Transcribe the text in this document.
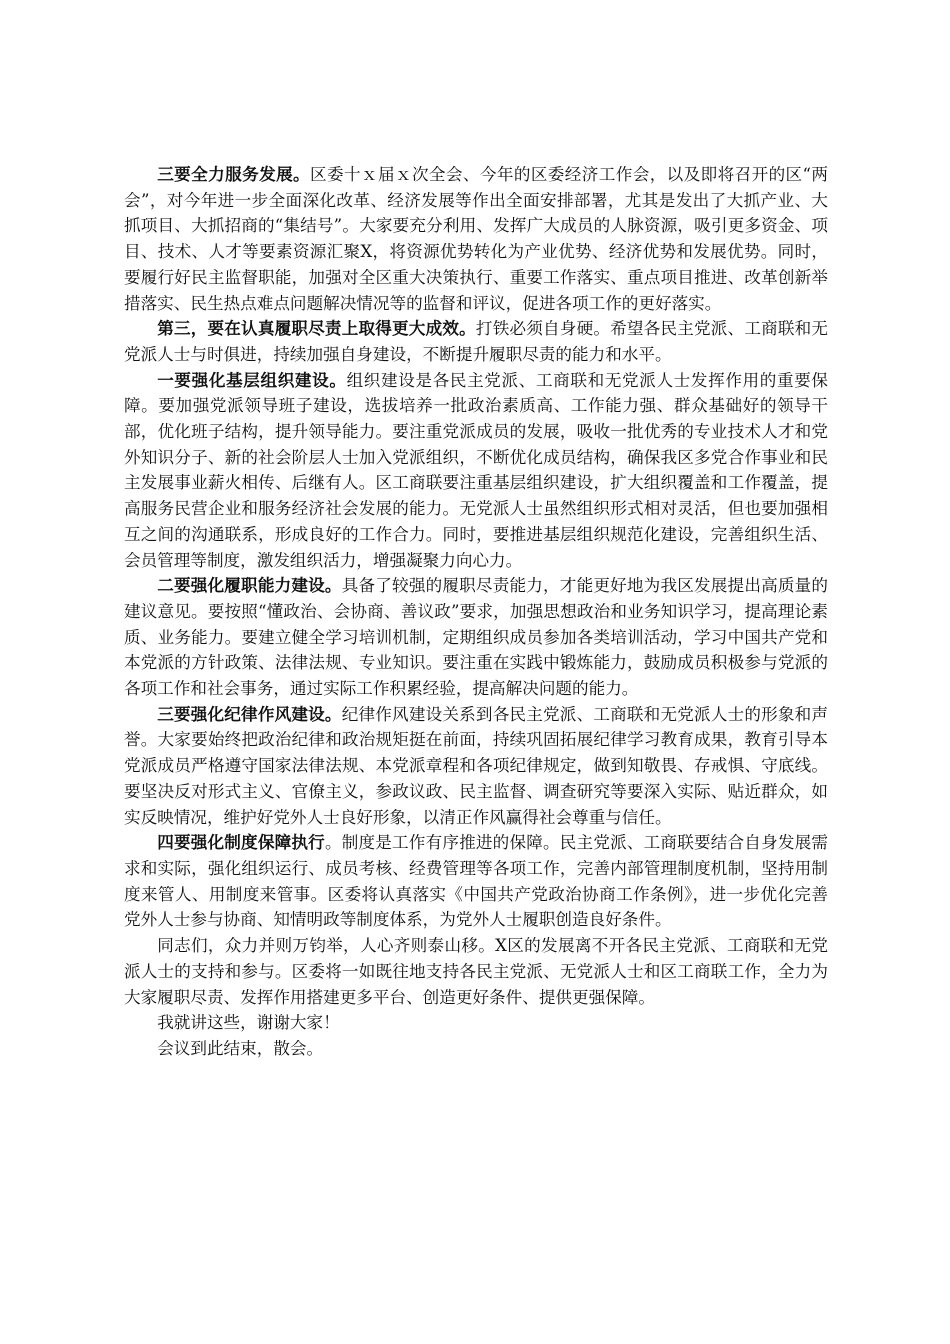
三要全力服务发展。区委十ｘ届ｘ次全会、今年的区委经济工作会，以及即将召开的区“两会”，对今年进一步全面深化改革、经济发展等作出全面安排部署，尤其是发出了大抓产业、大抓项目、大抓招商的“集结号”。大家要充分利用、发挥广大成员的人脉资源，吸引更多资金、项目、技术、人才等要素资源汇聚X，将资源优势转化为产业优势、经济优势和发展优势。同时，要履行好民主监督职能，加强对全区重大决策执行、重要工作落实、重点项目推进、改革创新举措落实、民生热点难点问题解决情况等的监督和评议，促进各项工作的更好落实。

第三，要在认真履职尽责上取得更大成效。打铁必须自身硬。希望各民主党派、工商联和无党派人士与时俱进，持续加强自身建设，不断提升履职尽责的能力和水平。

一要强化基层组织建设。组织建设是各民主党派、工商联和无党派人士发挥作用的重要保障。要加强党派领导班子建设，选拔培养一批政治素质高、工作能力强、群众基础好的领导干部，优化班子结构，提升领导能力。要注重党派成员的发展，吸收一批优秀的专业技术人才和党外知识分子、新的社会阶层人士加入党派组织，不断优化成员结构，确保我区多党合作事业和民主发展事业薪火相传、后继有人。区工商联要注重基层组织建设，扩大组织覆盖和工作覆盖，提高服务民营企业和服务经济社会发展的能力。无党派人士虽然组织形式相对灵活，但也要加强相互之间的沟通联系，形成良好的工作合力。同时，要推进基层组织规范化建设，完善组织生活、会员管理等制度，激发组织活力，增强凝聚力向心力。

二要强化履职能力建设。具备了较强的履职尽责能力，才能更好地为我区发展提出高质量的建议意见。要按照“懂政治、会协商、善议政”要求，加强思想政治和业务知识学习，提高理论素质、业务能力。要建立健全学习培训机制，定期组织成员参加各类培训活动，学习中国共产党和本党派的方针政策、法律法规、专业知识。要注重在实践中锻炼能力，鼓励成员积极参与党派的各项工作和社会事务，通过实际工作积累经验，提高解决问题的能力。

三要强化纪律作风建设。纪律作风建设关系到各民主党派、工商联和无党派人士的形象和声誉。大家要始终把政治纪律和政治规矩挺在前面，持续巩固拓展纪律学习教育成果，教育引导本党派成员严格遵守国家法律法规、本党派章程和各项纪律规定，做到知敬畏、存戒惧、守底线。要坚决反对形式主义、官僚主义，参政议政、民主监督、调查研究等要深入实际、贴近群众，如实反映情况，维护好党外人士良好形象，以清正作风赢得社会尊重与信任。

四要强化制度保障执行。制度是工作有序推进的保障。民主党派、工商联要结合自身发展需求和实际，强化组织运行、成员考核、经费管理等各项工作，完善内部管理制度机制，坚持用制度来管人、用制度来管事。区委将认真落实《中国共产党政治协商工作条例》，进一步优化完善党外人士参与协商、知情明政等制度体系，为党外人士履职创造良好条件。

同志们，众力并则万钧举，人心齐则泰山移。X区的发展离不开各民主党派、工商联和无党派人士的支持和参与。区委将一如既往地支持各民主党派、无党派人士和区工商联工作，全力为大家履职尽责、发挥作用搭建更多平台、创造更好条件、提供更强保障。

我就讲这些，谢谢大家！

会议到此结束，散会。
